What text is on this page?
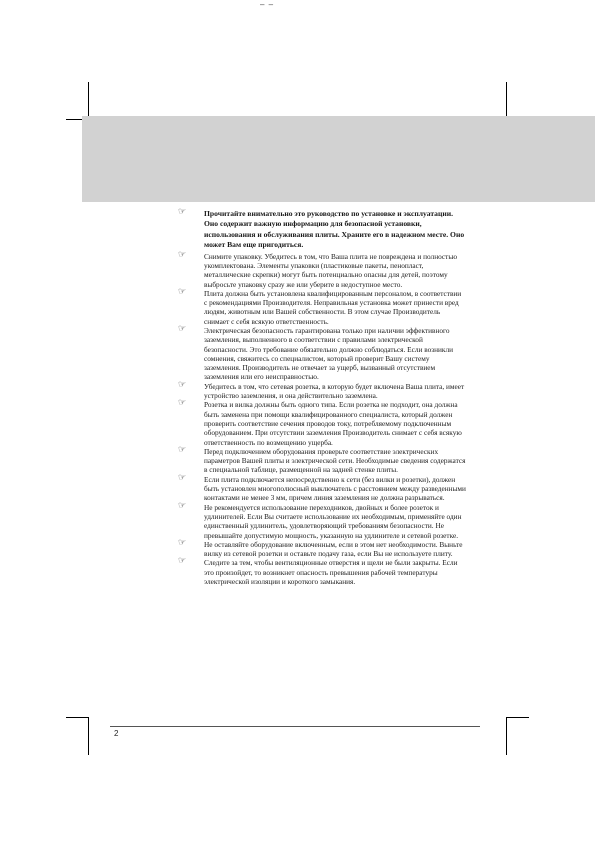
– –
☞ Прочитайте внимательно это руководство по установке и эксплуатации. Оно содержит важную информацию для безопасной установки, использования и обслуживания плиты. Храните его в надежном месте. Оно может Вам еще пригодиться.
☞ Снимите упаковку. Убедитесь в том, что Ваша плита не повреждена и полностью укомплектована. Элементы упаковки (пластиковые пакеты, пенопласт, металлические скрепки) могут быть потенциально опасны для детей, поэтому выбросьте упаковку сразу же или уберите в недоступное место.
☞ Плита должна быть установлена квалифицированным персоналом, в соответствии с рекомендациями Производителя. Неправильная установка может принести вред людям, животным или Вашей собственности. В этом случае Производитель снимает с себя всякую ответственность.
☞ Электрическая безопасность гарантирована только при наличии эффективного заземления, выполненного в соответствии с правилами электрической безопасности. Это требование обязательно должно соблюдаться. Если возникли сомнения, свяжитесь со специалистом, который проверит Вашу систему заземления. Производитель не отвечает за ущерб, вызванный отсутствием заземления или его неисправностью.
☞ Убедитесь в том, что сетевая розетка, в которую будет включена Ваша плита, имеет устройство заземления, и она действительно заземлена.
☞ Розетка и вилка должны быть одного типа. Если розетка не подходит, она должна быть заменена при помощи квалифицированного специалиста, который должен проверить соответствие сечения проводов току, потребляемому подключенным оборудованием. При отсутствии заземления Производитель снимает с себя всякую ответственность по возмещению ущерба.
☞ Перед подключением оборудования проверьте соответствие электрических параметров Вашей плиты и электрической сети. Необходимые сведения содержатся в специальной таблице, размещенной на задней стенке плиты.
☞ Если плита подключается непосредственно к сети (без вилки и розетки), должен быть установлен многополюсный выключатель с расстоянием между разведенными контактами не менее 3 мм, причем линия заземления не должна разрываться.
☞ Не рекомендуется использование переходников, двойных и более розеток и удлинителей. Если Вы считаете использование их необходимым, применяйте один единственный удлинитель, удовлетворяющий требованиям безопасности. Не превышайте допустимую мощность, указанную на удлинителе и сетевой розетке.
☞ Не оставляйте оборудование включенным, если в этом нет необходимости. Выньте вилку из сетевой розетки и оставьте подачу газа, если Вы не используете плиту.
☞ Следите за тем, чтобы вентиляционные отверстия и щели не были закрыты. Если это произойдет, то возникнет опасность превышения рабочей температуры электрической изоляции и короткого замыкания.
2
